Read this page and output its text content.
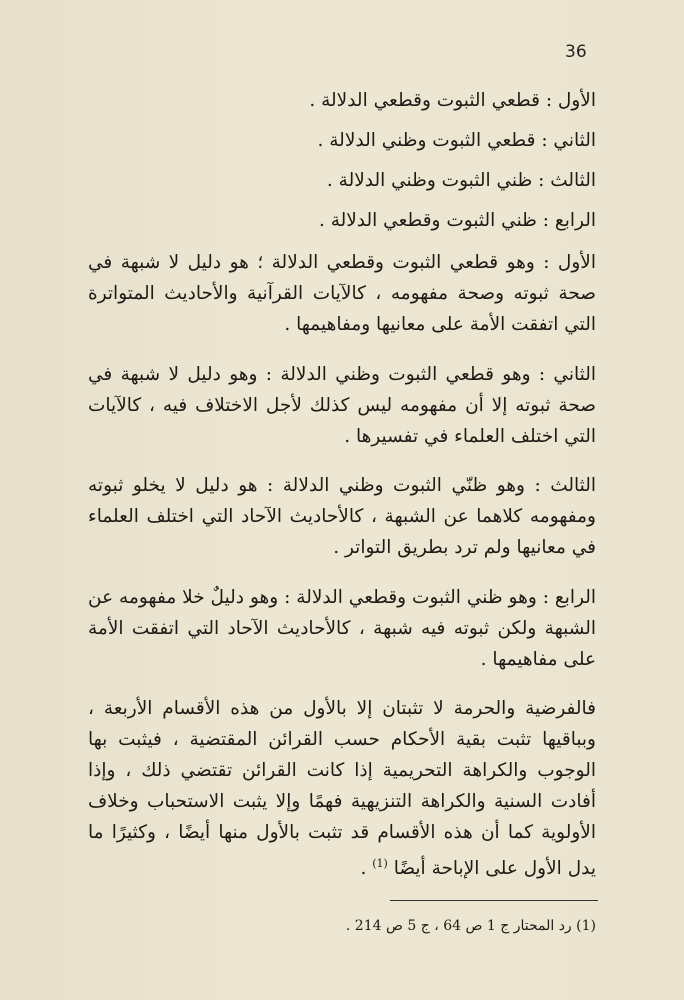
36
الأول : قطعي الثبوت وقطعي الدلالة .
الثاني : قطعي الثبوت وظني الدلالة .
الثالث : ظني الثبوت وظني الدلالة .
الرابع : ظني الثبوت وقطعي الدلالة .

الأول : وهو قطعي الثبوت وقطعي الدلالة ؛ هو دليل لا شبهة في صحة ثبوته وصحة مفهومه ، كالآيات القرآنية والأحاديث المتواترة التي اتفقت الأمة على معانيها ومفاهيمها .

الثاني : وهو قطعي الثبوت وظني الدلالة : وهو دليل لا شبهة في صحة ثبوته إلا أن مفهومه ليس كذلك لأجل الاختلاف فيه ، كالآيات التي اختلف العلماء في تفسيرها .

الثالث : وهو ظنّي الثبوت وظني الدلالة : هو دليل لا يخلو ثبوته ومفهومه كلاهما عن الشبهة ، كالأحاديث الآحاد التي اختلف العلماء في معانيها ولم ترد بطريق التواتر .

الرابع : وهو ظني الثبوت وقطعي الدلالة : وهو دليلٌ خلا مفهومه عن الشبهة ولكن ثبوته فيه شبهة ، كالأحاديث الآحاد التي اتفقت الأمة على مفاهيمها .

فالفرضية والحرمة لا تثبتان إلا بالأول من هذه الأقسام الأربعة ، وبباقيها تثبت بقية الأحكام حسب القرائن المقتضية ، فيثبت بها الوجوب والكراهة التحريمية إذا كانت القرائن تقتضي ذلك ، وإذا أفادت السنية والكراهة التنزيهية فهمًا وإلا يثبت الاستحباب وخلاف الأولوية كما أن هذه الأقسام قد تثبت بالأول منها أيضًا ، وكثيرًا ما يدل الأول على الإباحة أيضًا $^{(1)}$ .

(1) رد المحتار ج 1 ص 64 ، ج 5 ص 214 .
